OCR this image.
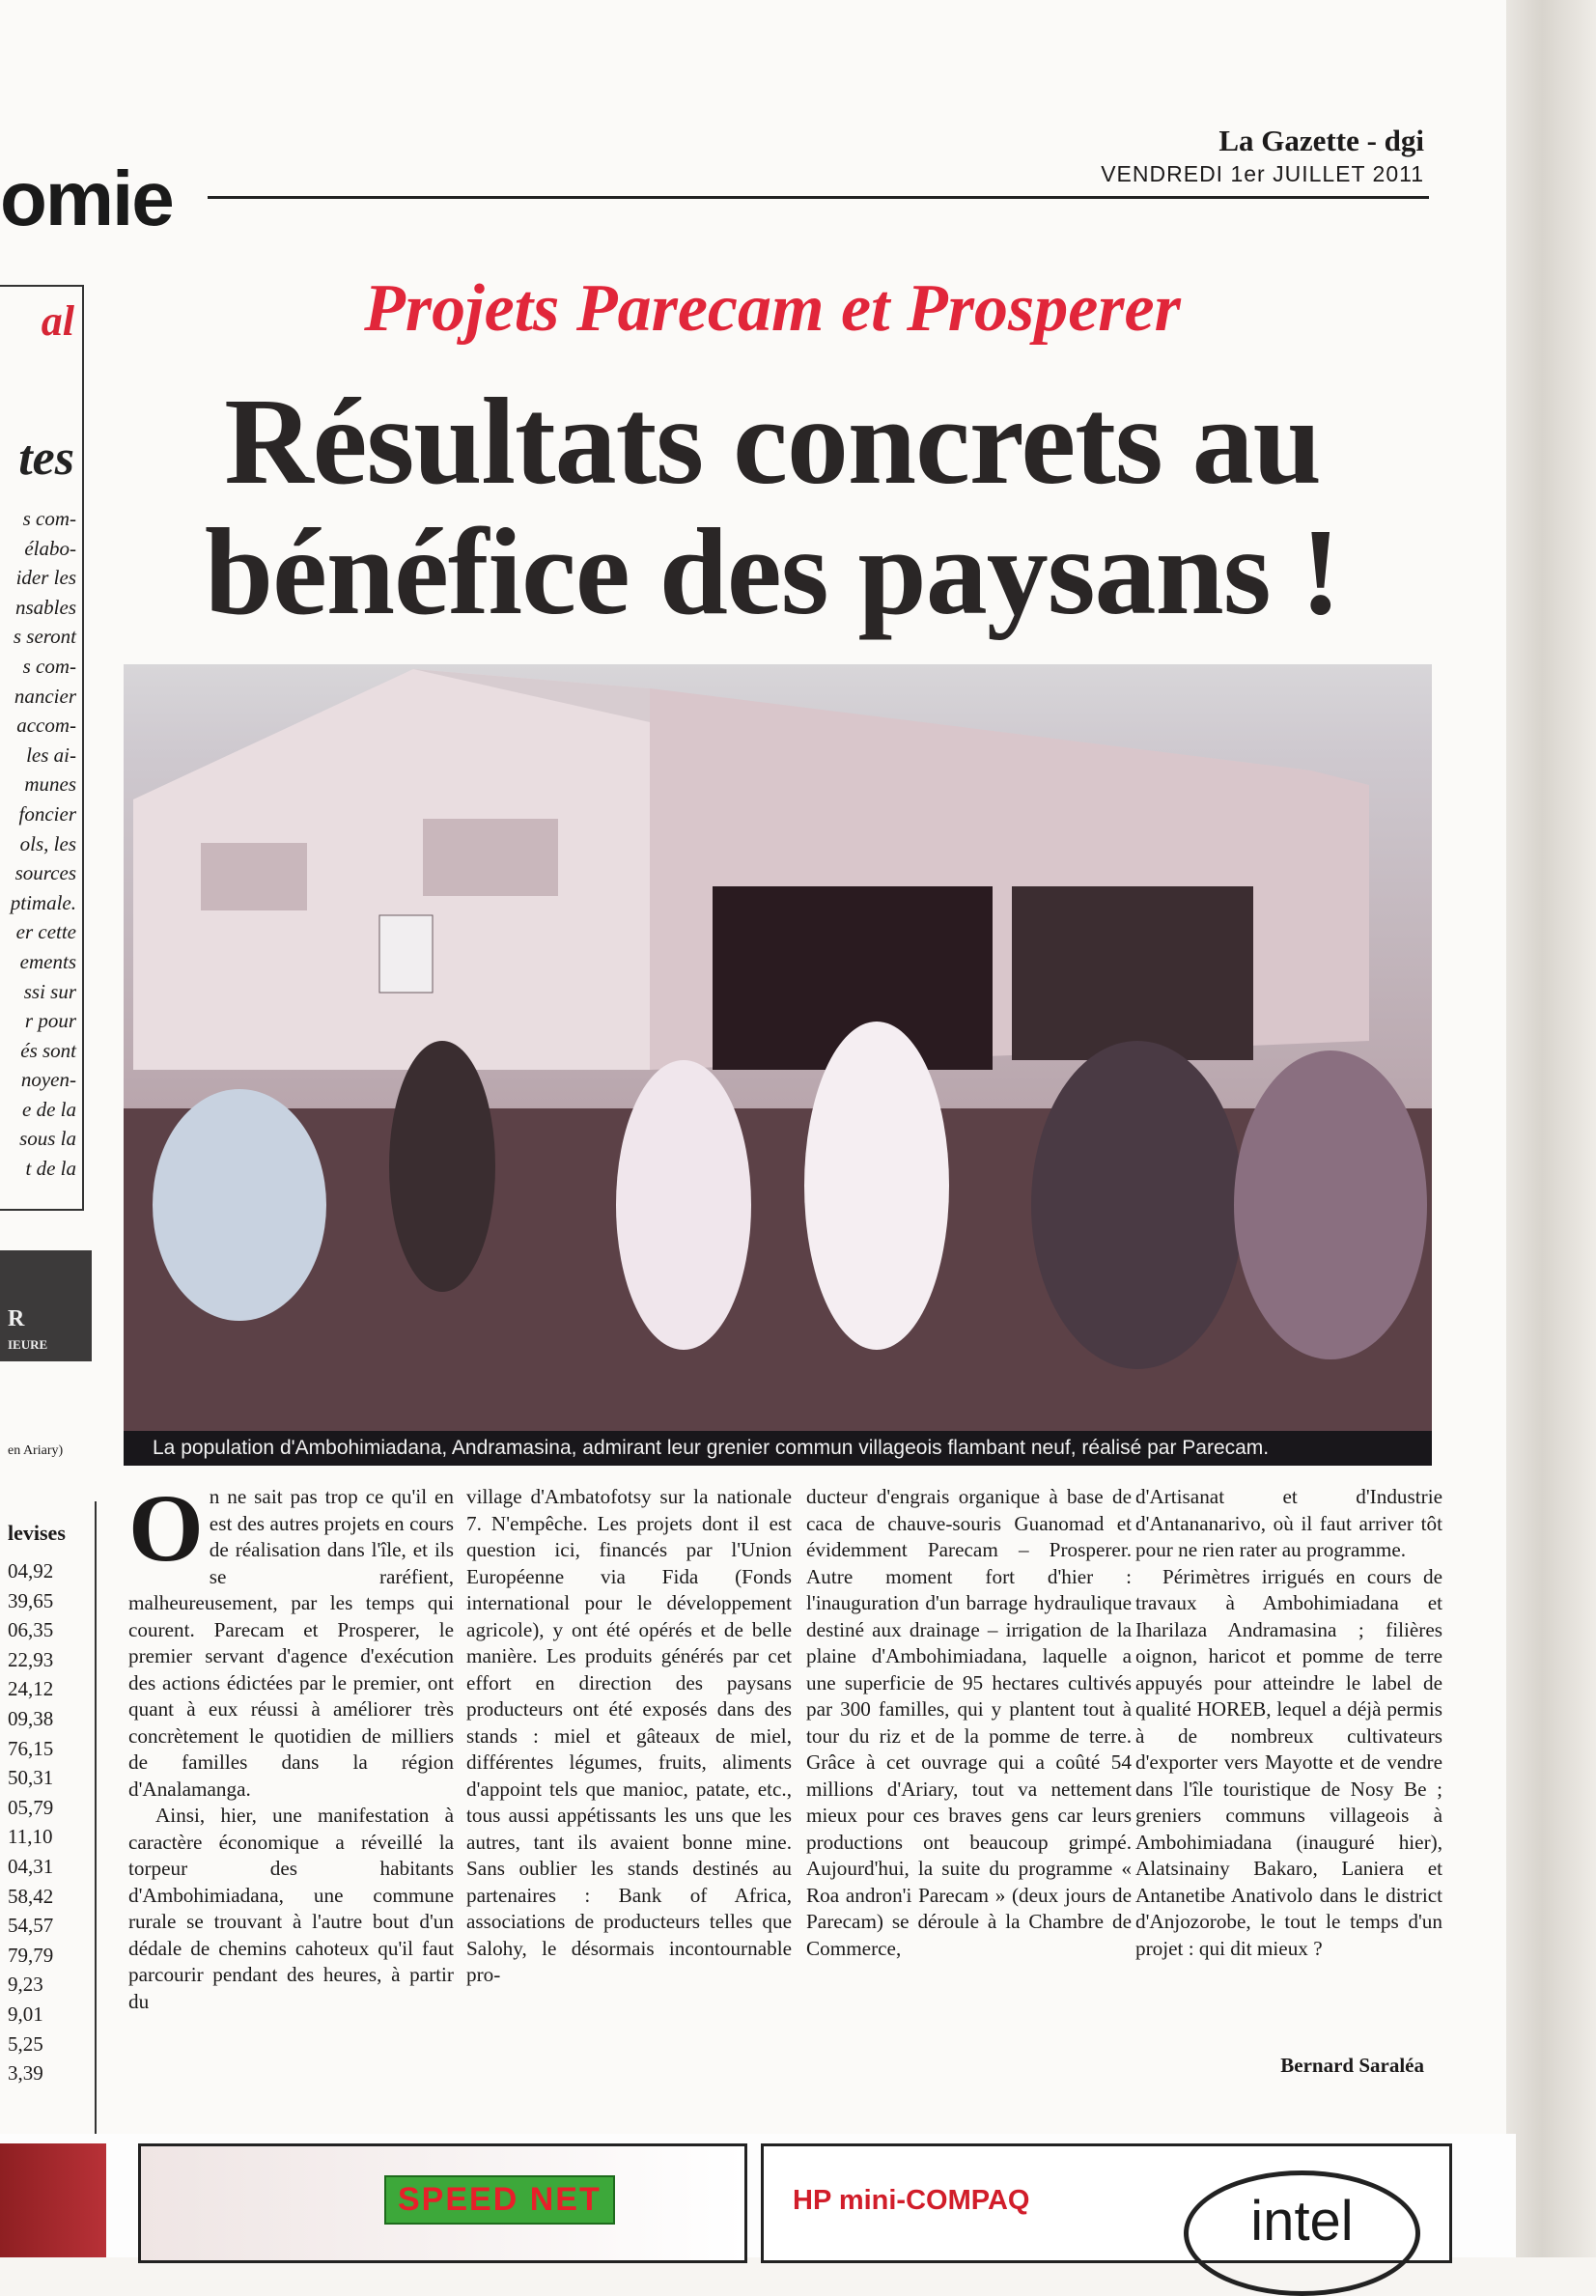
omie
La Gazette - dgi
VENDREDI 1er JUILLET 2011
al
tes
s com-
élabo-
ider les
nsables
s seront
s com-
nancier
accom-
les ai-
munes
foncier
ols, les
sources
ptimale.
er cette
ements
ssi sur
r pour
és sont
noyen-
e de la
sous la
t de la
R
IEURE
en Ariary)
levises
04,92
39,65
06,35
22,93
24,12
09,38
76,15
50,31
05,79
11,10
04,31
58,42
54,57
79,79
9,23
9,01
5,25
3,39
Projets Parecam et Prosperer
Résultats concrets au
bénéfice des paysans !
La population d'Ambohimiadana, Andramasina, admirant leur grenier commun villageois flambant neuf, réalisé par Parecam.

On ne sait pas trop ce qu'il en est des autres projets en cours de réalisation dans l'île, et ils se raréfient, malheureusement, par les temps qui courent. Parecam et Prosperer, le premier servant d'agence d'exécution des actions édictées par le premier, ont quant à eux réussi à améliorer très concrètement le quotidien de milliers de familles dans la région d'Analamanga.

Ainsi, hier, une manifestation à caractère économique a réveillé la torpeur des habitants d'Ambohimiadana, une commune rurale se trouvant à l'autre bout d'un dédale de chemins cahoteux qu'il faut parcourir pendant des heures, à partir du

village d'Ambatofotsy sur la nationale 7. N'empêche. Les projets dont il est question ici, financés par l'Union Européenne via Fida (Fonds international pour le développement agricole), y ont été opérés et de belle manière. Les produits générés par cet effort en direction des paysans producteurs ont été exposés dans des stands : miel et gâteaux de miel, différentes légumes, fruits, aliments d'appoint tels que manioc, patate, etc., tous aussi appétissants les uns que les autres, tant ils avaient bonne mine. Sans oublier les stands destinés au partenaires : Bank of Africa, associations de producteurs telles que Salohy, le désormais incontournable pro-

ducteur d'engrais organique à base de caca de chauve-souris Guanomad et évidemment Parecam – Prosperer. Autre moment fort d'hier : l'inauguration d'un barrage hydraulique destiné aux drainage – irrigation de la plaine d'Ambohimiadana, laquelle a une superficie de 95 hectares cultivés par 300 familles, qui y plantent tout à tour du riz et de la pomme de terre. Grâce à cet ouvrage qui a coûté 54 millions d'Ariary, tout va nettement mieux pour ces braves gens car leurs productions ont beaucoup grimpé. Aujourd'hui, la suite du programme « Roa andron'i Parecam » (deux jours de Parecam) se déroule à la Chambre de Commerce,

d'Artisanat et d'Industrie d'Antananarivo, où il faut arriver tôt pour ne rien rater au programme.

Périmètres irrigués en cours de travaux à Ambohimiadana et Iharilaza Andramasina ; filières oignon, haricot et pomme de terre appuyés pour atteindre le label de qualité HOREB, lequel a déjà permis à de nombreux cultivateurs d'exporter vers Mayotte et de vendre dans l'île touristique de Nosy Be ; greniers communs villageois à Ambohimiadana (inauguré hier), Alatsinainy Bakaro, Laniera et Antanetibe Anativolo dans le district d'Anjozorobe, le tout le temps d'un projet : qui dit mieux ?

Bernard Saraléa
SPEED NET	HP mini-COMPAQ	intel
